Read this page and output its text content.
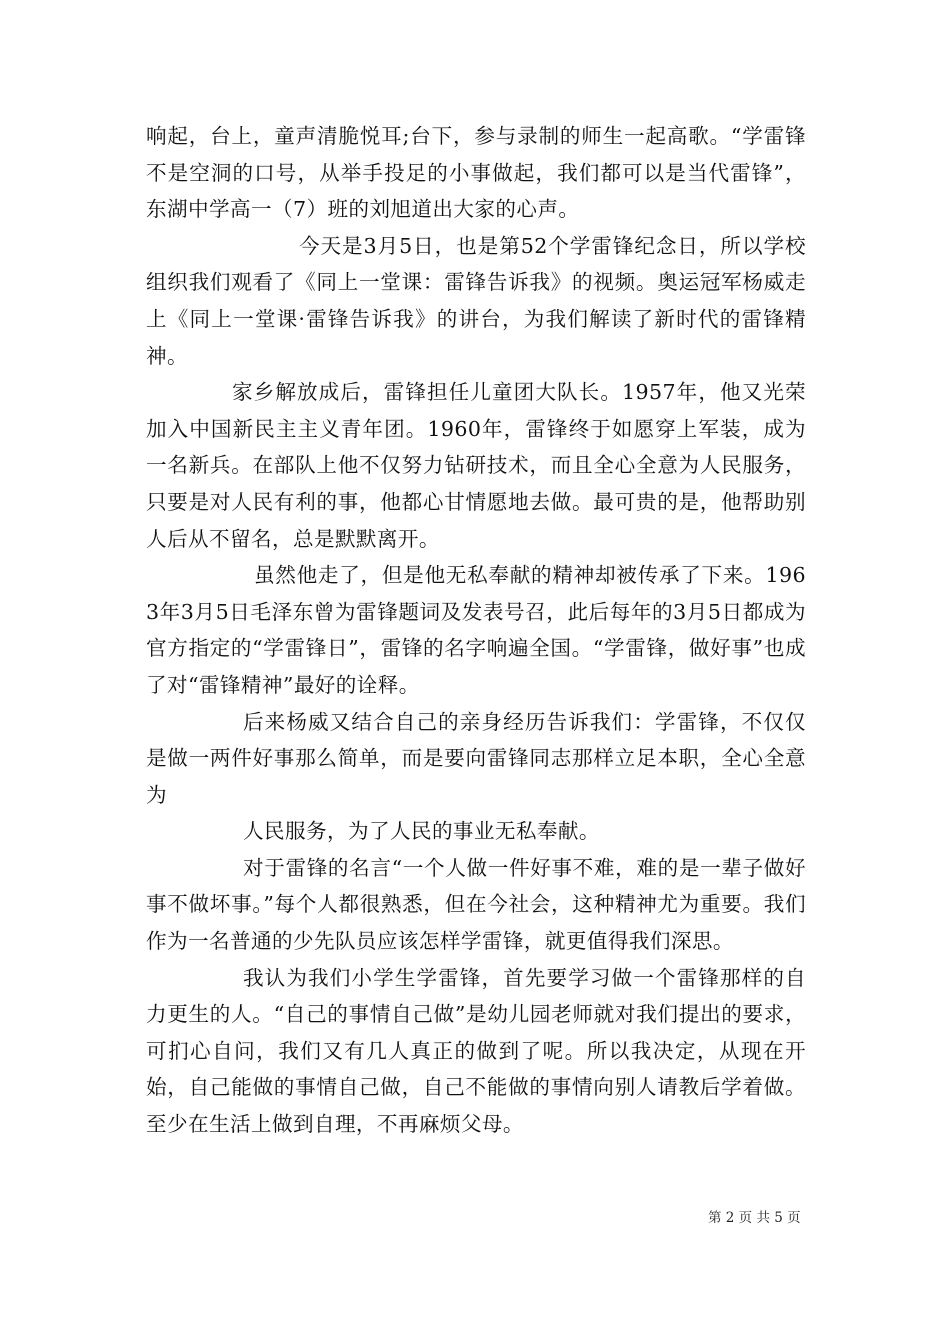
响起，台上，童声清脆悦耳;台下，参与录制的师生一起高歌。“学雷锋不是空洞的口号，从举手投足的小事做起，我们都可以是当代雷锋”，东湖中学高一（7）班的刘旭道出大家的心声。

今天是3月5日，也是第52个学雷锋纪念日，所以学校组织我们观看了《同上一堂课：雷锋告诉我》的视频。奥运冠军杨威走上《同上一堂课·雷锋告诉我》的讲台，为我们解读了新时代的雷锋精神。

家乡解放成后，雷锋担任儿童团大队长。1957年，他又光荣加入中国新民主主义青年团。1960年，雷锋终于如愿穿上军装，成为一名新兵。在部队上他不仅努力钻研技术，而且全心全意为人民服务，只要是对人民有利的事，他都心甘情愿地去做。最可贵的是，他帮助别人后从不留名，总是默默离开。

虽然他走了，但是他无私奉献的精神却被传承了下来。1963年3月5日毛泽东曾为雷锋题词及发表号召，此后每年的3月5日都成为官方指定的“学雷锋日”，雷锋的名字响遍全国。“学雷锋，做好事”也成了对“雷锋精神”最好的诠释。

后来杨威又结合自己的亲身经历告诉我们：学雷锋，不仅仅是做一两件好事那么简单，而是要向雷锋同志那样立足本职，全心全意为

人民服务，为了人民的事业无私奉献。

对于雷锋的名言“一个人做一件好事不难，难的是一辈子做好事不做坏事。”每个人都很熟悉，但在今社会，这种精神尤为重要。我们作为一名普通的少先队员应该怎样学雷锋，就更值得我们深思。

我认为我们小学生学雷锋，首先要学习做一个雷锋那样的自力更生的人。“自己的事情自己做”是幼儿园老师就对我们提出的要求，可扪心自问，我们又有几人真正的做到了呢。所以我决定，从现在开始，自己能做的事情自己做，自己不能做的事情向别人请教后学着做。至少在生活上做到自理，不再麻烦父母。

第 2 页 共 5 页
